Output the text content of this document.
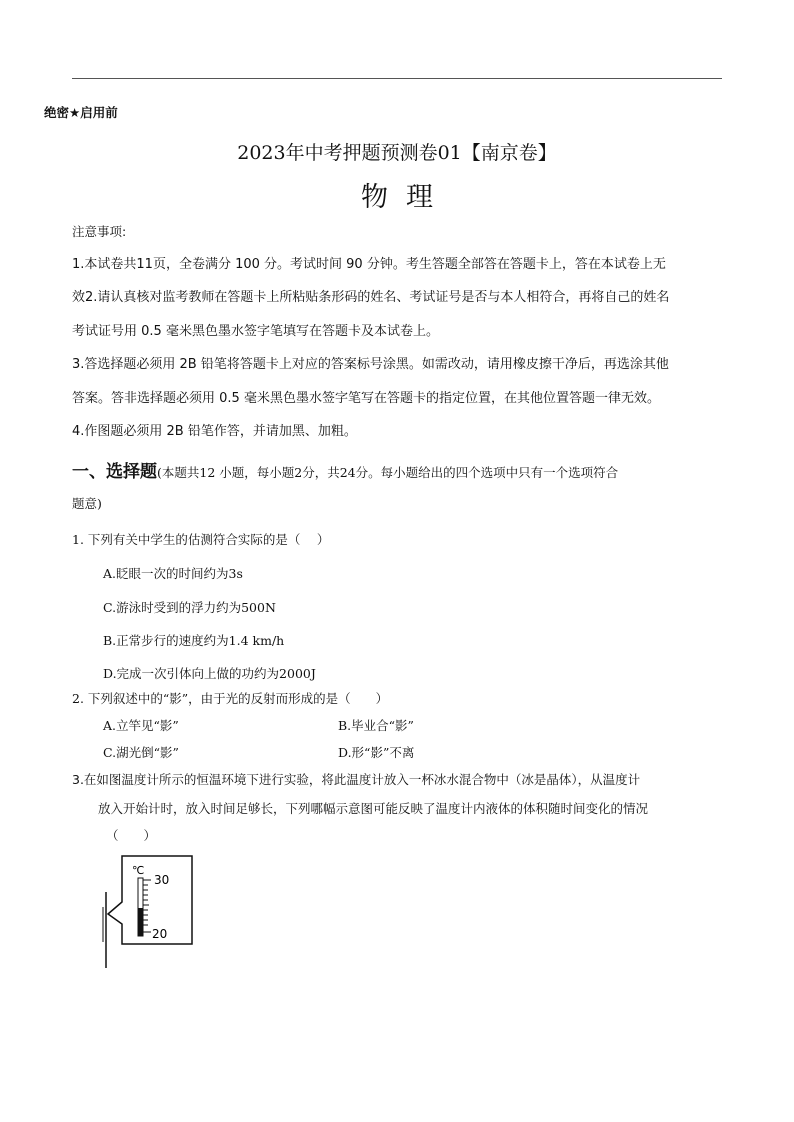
绝密★启用前
2023年中考押题预测卷01【南京卷】
物理
注意事项:
1.本试卷共11页，全卷满分 100 分。考试时间 90 分钟。考生答题全部答在答题卡上，答在本试卷上无
效2.请认真核对监考教师在答题卡上所粘贴条形码的姓名、考试证号是否与本人相符合，再将自己的姓名
考试证号用 0.5 毫米黑色墨水签字笔填写在答题卡及本试卷上。
3.答选择题必须用 2B 铅笔将答题卡上对应的答案标号涂黑。如需改动，请用橡皮擦干净后，再选涂其他
答案。答非选择题必须用 0.5 毫米黑色墨水签字笔写在答题卡的指定位置，在其他位置答题一律无效。
4.作图题必须用 2B 铅笔作答，并请加黑、加粗。
一、选择题(本题共12 小题，每小题2分，共24分。每小题给出的四个选项中只有一个选项符合
题意)
1. 下列有关中学生的估测符合实际的是（　 ）
A.眨眼一次的时间约为3s
C.游泳时受到的浮力约为500N
B.正常步行的速度约为1.4 km/h
D.完成一次引体向上做的功约为2000J
2. 下列叙述中的“影”，由于光的反射而形成的是（　　）
A.立竿见“影”	B.毕业合“影”
C.湖光倒“影”	D.形“影”不离
3.在如图温度计所示的恒温环境下进行实验，将此温度计放入一杯冰水混合物中（冰是晶体），从温度计
放入开始计时，放入时间足够长，下列哪幅示意图可能反映了温度计内液体的体积随时间变化的情况
（　　）
℃
30
20
